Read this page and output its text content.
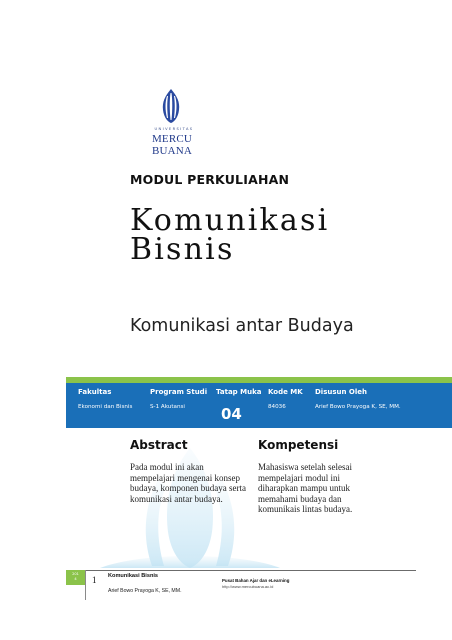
UNIVERSITAS
MERCU BUANA
MODUL PERKULIAHAN
Komunikasi
Bisnis
Komunikasi antar Budaya
Fakultas
Ekonomi dan Bisnis
Program Studi
S-1 Akutansi
Tatap Muka
04
Kode MK
84036
Disusun Oleh
Arief Bowo Prayoga K, SE, MM.
Abstract
Pada modul ini akan
mempelajari mengenai konsep
budaya, komponen budaya serta
komunikasi antar budaya.
Kompetensi
Mahasiswa setelah selesai
mempelajari modul ini
diharapkan mampu untuk
memahami budaya dan
komunikais lintas budaya.
201
4	1 Komunikasi Bisnis
Arief Bowo Prayoga K, SE, MM.
Pusat Bahan Ajar dan eLearning
http://www.mercubuana.ac.id
